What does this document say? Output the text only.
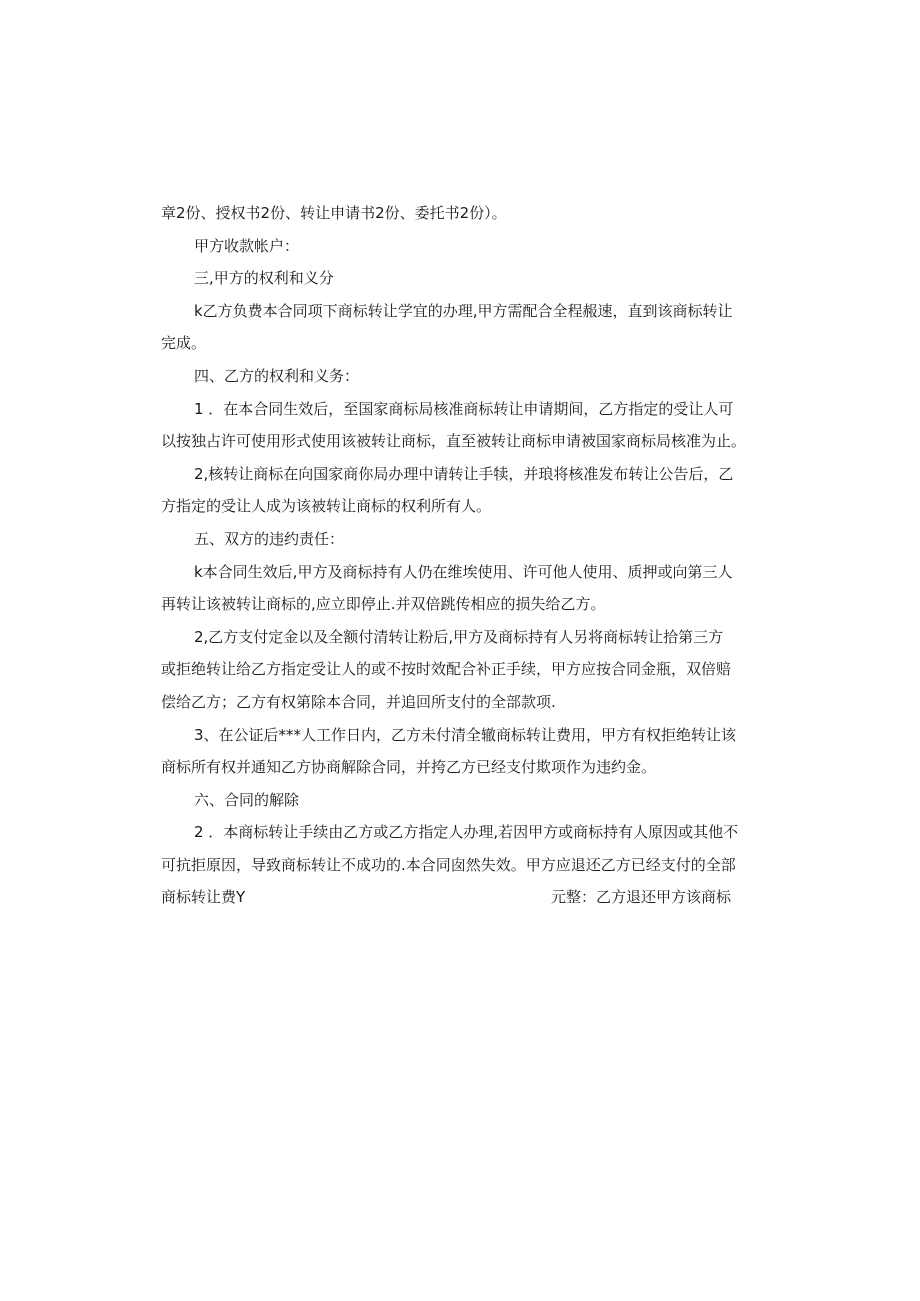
章2份、授权书2份、转让申请书2份、委托书2份）。

甲方收款帐户：

三,甲方的权利和义分

k乙方负费本合同项下商标转让学宜的办理,甲方需配合全程赧速，直到该商标转让
完成。

四、乙方的权利和义务：

1 ．在本合同生效后，至国家商标局核准商标转让申请期间，乙方指定的受让人可
以按独占许可使用形式使用该被转让商标，直至被转让商标申请被国家商标局核准为止。

2,核转让商标在向国家商你局办理中请转让手犊，并琅将核准发布转让公告后，乙
方指定的受让人成为该被转让商标的权利所有人。

五、双方的违约责任：

k本合同生效后,甲方及商标持有人仍在维埃使用、许可他人使用、质押或向第三人
再转让该被转让商标的,应立即停止.并双倍跳传相应的损失给乙方。

2,乙方支付定金以及全额付清转让粉后,甲方及商标持有人另将商标转让拾第三方
或拒绝转让给乙方指定受让人的或不按时效配合补正手续，甲方应按合同金瓶，双倍赔
偿给乙方；乙方有权第除本合同，并追回所支付的全部款项.

3、在公证后***人工作日内，乙方未付清全辙商标转让费用，甲方有权拒绝转让该
商标所有权并通知乙方协商解除合同，并挎乙方已经支付欺项作为违约金。

六、合同的解除

2 ．本商标转让手续由乙方或乙方指定人办理,若因甲方或商标持有人原因或其他不
可抗拒原因，导致商标转让不成功的.本合同囱然失效。甲方应退还乙方已经支付的全部
商标转让费Y	元整：乙方退还甲方该商标
